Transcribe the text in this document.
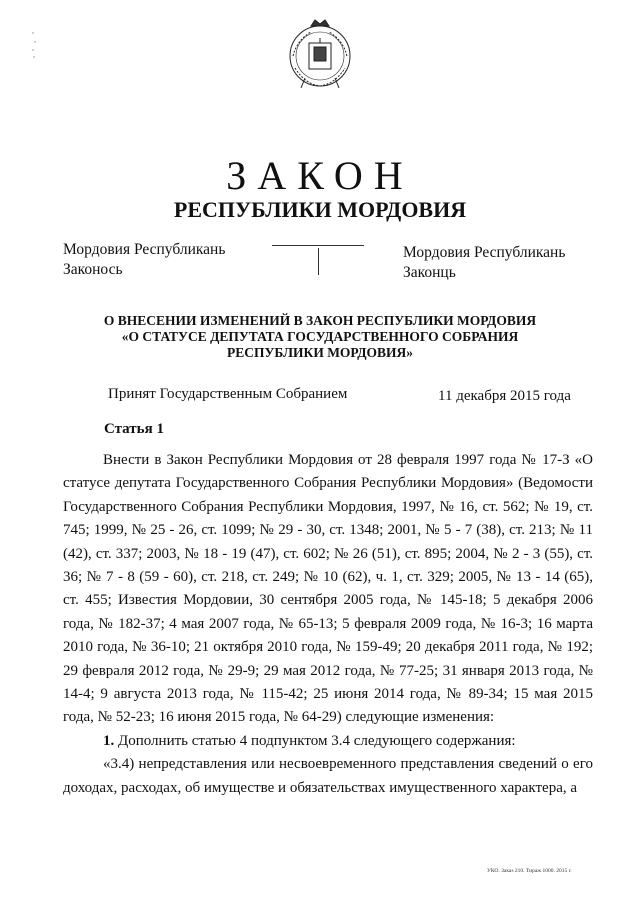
ЗАКОН
РЕСПУБЛИКИ МОРДОВИЯ
Мордовия Республикань
Законось
Мордовия Республикань
Законць
О ВНЕСЕНИИ ИЗМЕНЕНИЙ В ЗАКОН РЕСПУБЛИКИ МОРДОВИЯ
«О СТАТУСЕ ДЕПУТАТА ГОСУДАРСТВЕННОГО СОБРАНИЯ
РЕСПУБЛИКИ МОРДОВИЯ»
Принят Государственным Собранием	11 декабря 2015 года
Статья 1

Внести в Закон Республики Мордовия от 28 февраля 1997 года № 17-З «О статусе депутата Государственного Собрания Республики Мордовия» (Ведомости Государственного Собрания Республики Мордовия, 1997, № 16, ст. 562; № 19, ст. 745; 1999, № 25 - 26, ст. 1099; № 29 - 30, ст. 1348; 2001, № 5 - 7 (38), ст. 213; № 11 (42), ст. 337; 2003, № 18 - 19 (47), ст. 602; № 26 (51), ст. 895; 2004, № 2 - 3 (55), ст. 36; № 7 - 8 (59 - 60), ст. 218, ст. 249; № 10 (62), ч. 1, ст. 329; 2005, № 13 - 14 (65), ст. 455; Известия Мордовии, 30 сентября 2005 года, № 145-18; 5 декабря 2006 года, № 182-37; 4 мая 2007 года, № 65-13; 5 февраля 2009 года, № 16-3; 16 марта 2010 года, № 36-10; 21 октября 2010 года, № 159-49; 20 декабря 2011 года, № 192; 29 февраля 2012 года, № 29-9; 29 мая 2012 года, № 77-25; 31 января 2013 года, № 14-4; 9 августа 2013 года, № 115-42; 25 июня 2014 года, № 89-34; 15 мая 2015 года, № 52-23; 16 июня 2015 года, № 64-29) следующие изменения:

1. Дополнить статью 4 подпунктом 3.4 следующего содержания:

«3.4) непредставления или несвоевременного представления сведений о его доходах, расходах, об имуществе и обязательствах имущественного характера, а

УКО. Заказ 210. Тираж 1000. 2015 г.
